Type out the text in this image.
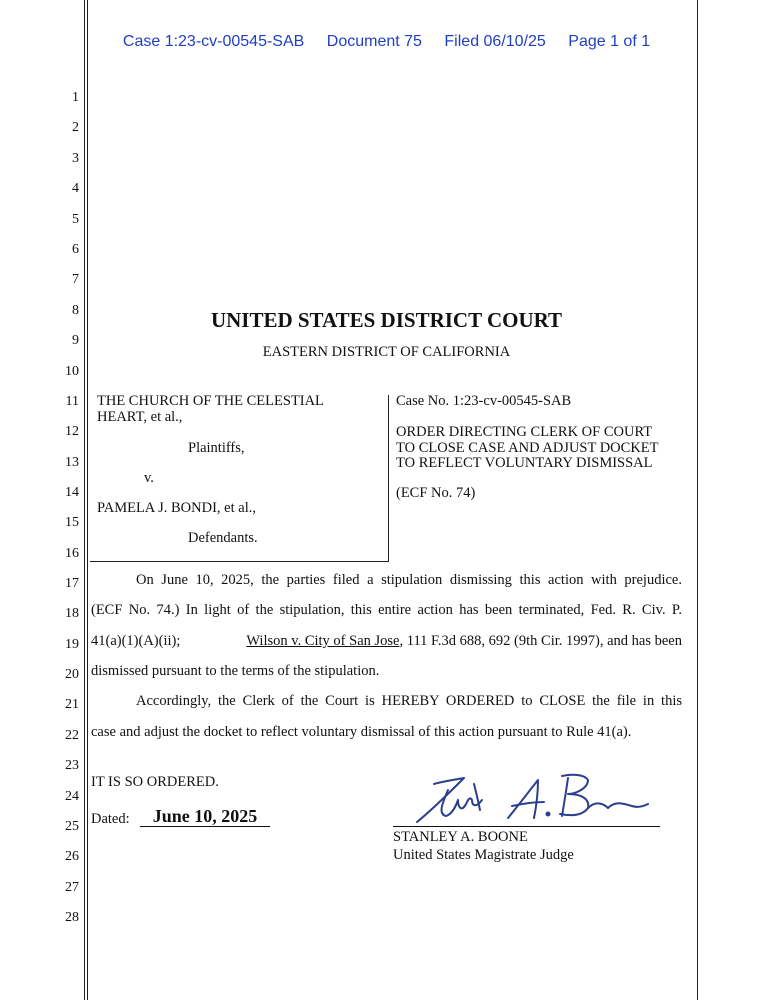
Case 1:23-cv-00545-SAB Document 75 Filed 06/10/25 Page 1 of 1
1
2
3
4
5
6
7
8
9
10
11
12
13
14
15
16
17
18
19
20
21
22
23
24
25
26
27
28
UNITED STATES DISTRICT COURT
EASTERN DISTRICT OF CALIFORNIA
THE CHURCH OF THE CELESTIAL
HEART, et al.,
Plaintiffs,
v.
PAMELA J. BONDI, et al.,
Defendants.
Case No. 1:23-cv-00545-SAB
ORDER DIRECTING CLERK OF COURT
TO CLOSE CASE AND ADJUST DOCKET
TO REFLECT VOLUNTARY DISMISSAL
(ECF No. 74)
On June 10, 2025, the parties filed a stipulation dismissing this action with prejudice.
(ECF No. 74.) In light of the stipulation, this entire action has been terminated, Fed. R. Civ. P.
41(a)(1)(A)(ii);	Wilson v. City of San Jose, 111 F.3d 688, 692 (9th Cir. 1997), and has been
dismissed pursuant to the terms of the stipulation.
Accordingly, the Clerk of the Court is HEREBY ORDERED to CLOSE the file in this
case and adjust the docket to reflect voluntary dismissal of this action pursuant to Rule 41(a).
IT IS SO ORDERED.
Dated:	June 10, 2025
STANLEY A. BOONE
United States Magistrate Judge
